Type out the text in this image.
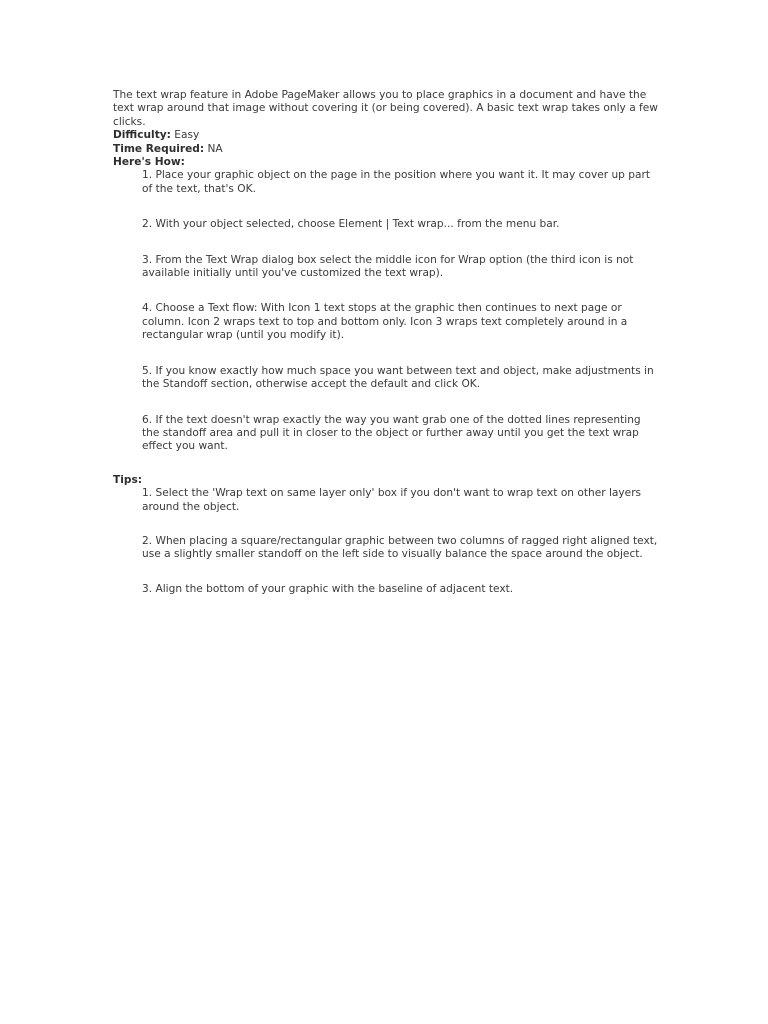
The text wrap feature in Adobe PageMaker allows you to place graphics in a document and have the text wrap around that image without covering it (or being covered). A basic text wrap takes only a few clicks.

Difficulty: Easy

Time Required: NA

Here's How:

1. Place your graphic object on the page in the position where you want it. It may cover up part of the text, that's OK.

2. With your object selected, choose Element | Text wrap... from the menu bar.

3. From the Text Wrap dialog box select the middle icon for Wrap option (the third icon is not available initially until you've customized the text wrap).

4. Choose a Text flow: With Icon 1 text stops at the graphic then continues to next page or column. Icon 2 wraps text to top and bottom only. Icon 3 wraps text completely around in a rectangular wrap (until you modify it).

5. If you know exactly how much space you want between text and object, make adjustments in the Standoff section, otherwise accept the default and click OK.

6. If the text doesn't wrap exactly the way you want grab one of the dotted lines representing the standoff area and pull it in closer to the object or further away until you get the text wrap effect you want.

Tips:

1. Select the 'Wrap text on same layer only' box if you don't want to wrap text on other layers around the object.

2. When placing a square/rectangular graphic between two columns of ragged right aligned text, use a slightly smaller standoff on the left side to visually balance the space around the object.

3. Align the bottom of your graphic with the baseline of adjacent text.
